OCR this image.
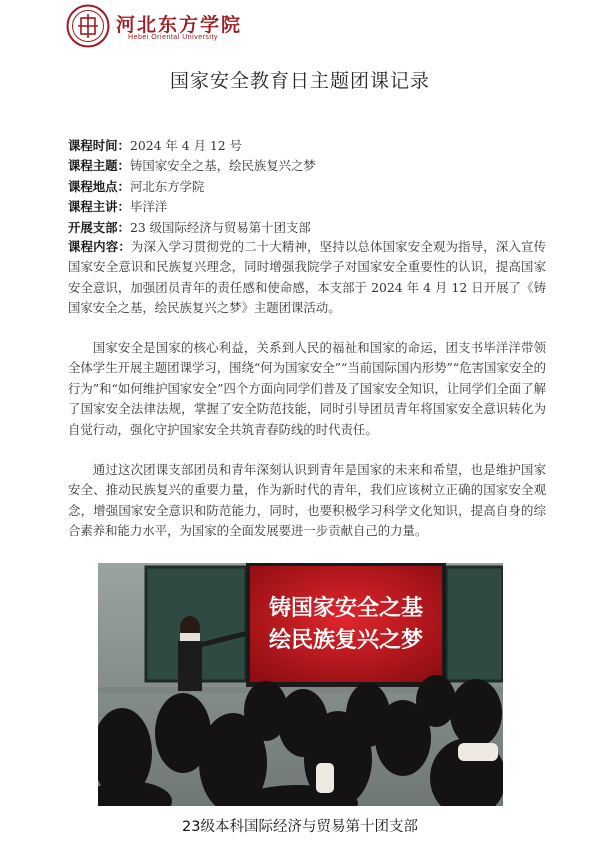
河北东方学院
Hebei Oriental University
国家安全教育日主题团课记录
课程时间：2024 年 4 月 12 号
课程主题：铸国家安全之基，绘民族复兴之梦
课程地点：河北东方学院
课程主讲：毕洋洋
开展支部：23 级国际经济与贸易第十团支部
课程内容：为深入学习贯彻党的二十大精神，坚持以总体国家安全观为指导，深入宣传国家安全意识和民族复兴理念，同时增强我院学子对国家安全重要性的认识，提高国家安全意识，加强团员青年的责任感和使命感，本支部于 2024 年 4 月 12 日开展了《铸国家安全之基，绘民族复兴之梦》主题团课活动。
国家安全是国家的核心利益，关系到人民的福祉和国家的命运，团支书毕洋洋带领全体学生开展主题团课学习，围绕“何为国家安全”“当前国际国内形势”“危害国家安全的行为”和“如何维护国家安全”四个方面向同学们普及了国家安全知识，让同学们全面了解了国家安全法律法规，掌握了安全防范技能，同时引导团员青年将国家安全意识转化为自觉行动，强化守护国家安全共筑青春防线的时代责任。
通过这次团课支部团员和青年深刻认识到青年是国家的未来和希望，也是维护国家安全、推动民族复兴的重要力量，作为新时代的青年，我们应该树立正确的国家安全观念，增强国家安全意识和防范能力，同时，也要积极学习科学文化知识，提高自身的综合素养和能力水平，为国家的全面发展要进一步贡献自己的力量。
铸国家安全之基
绘民族复兴之梦
23级本科国际经济与贸易第十团支部
